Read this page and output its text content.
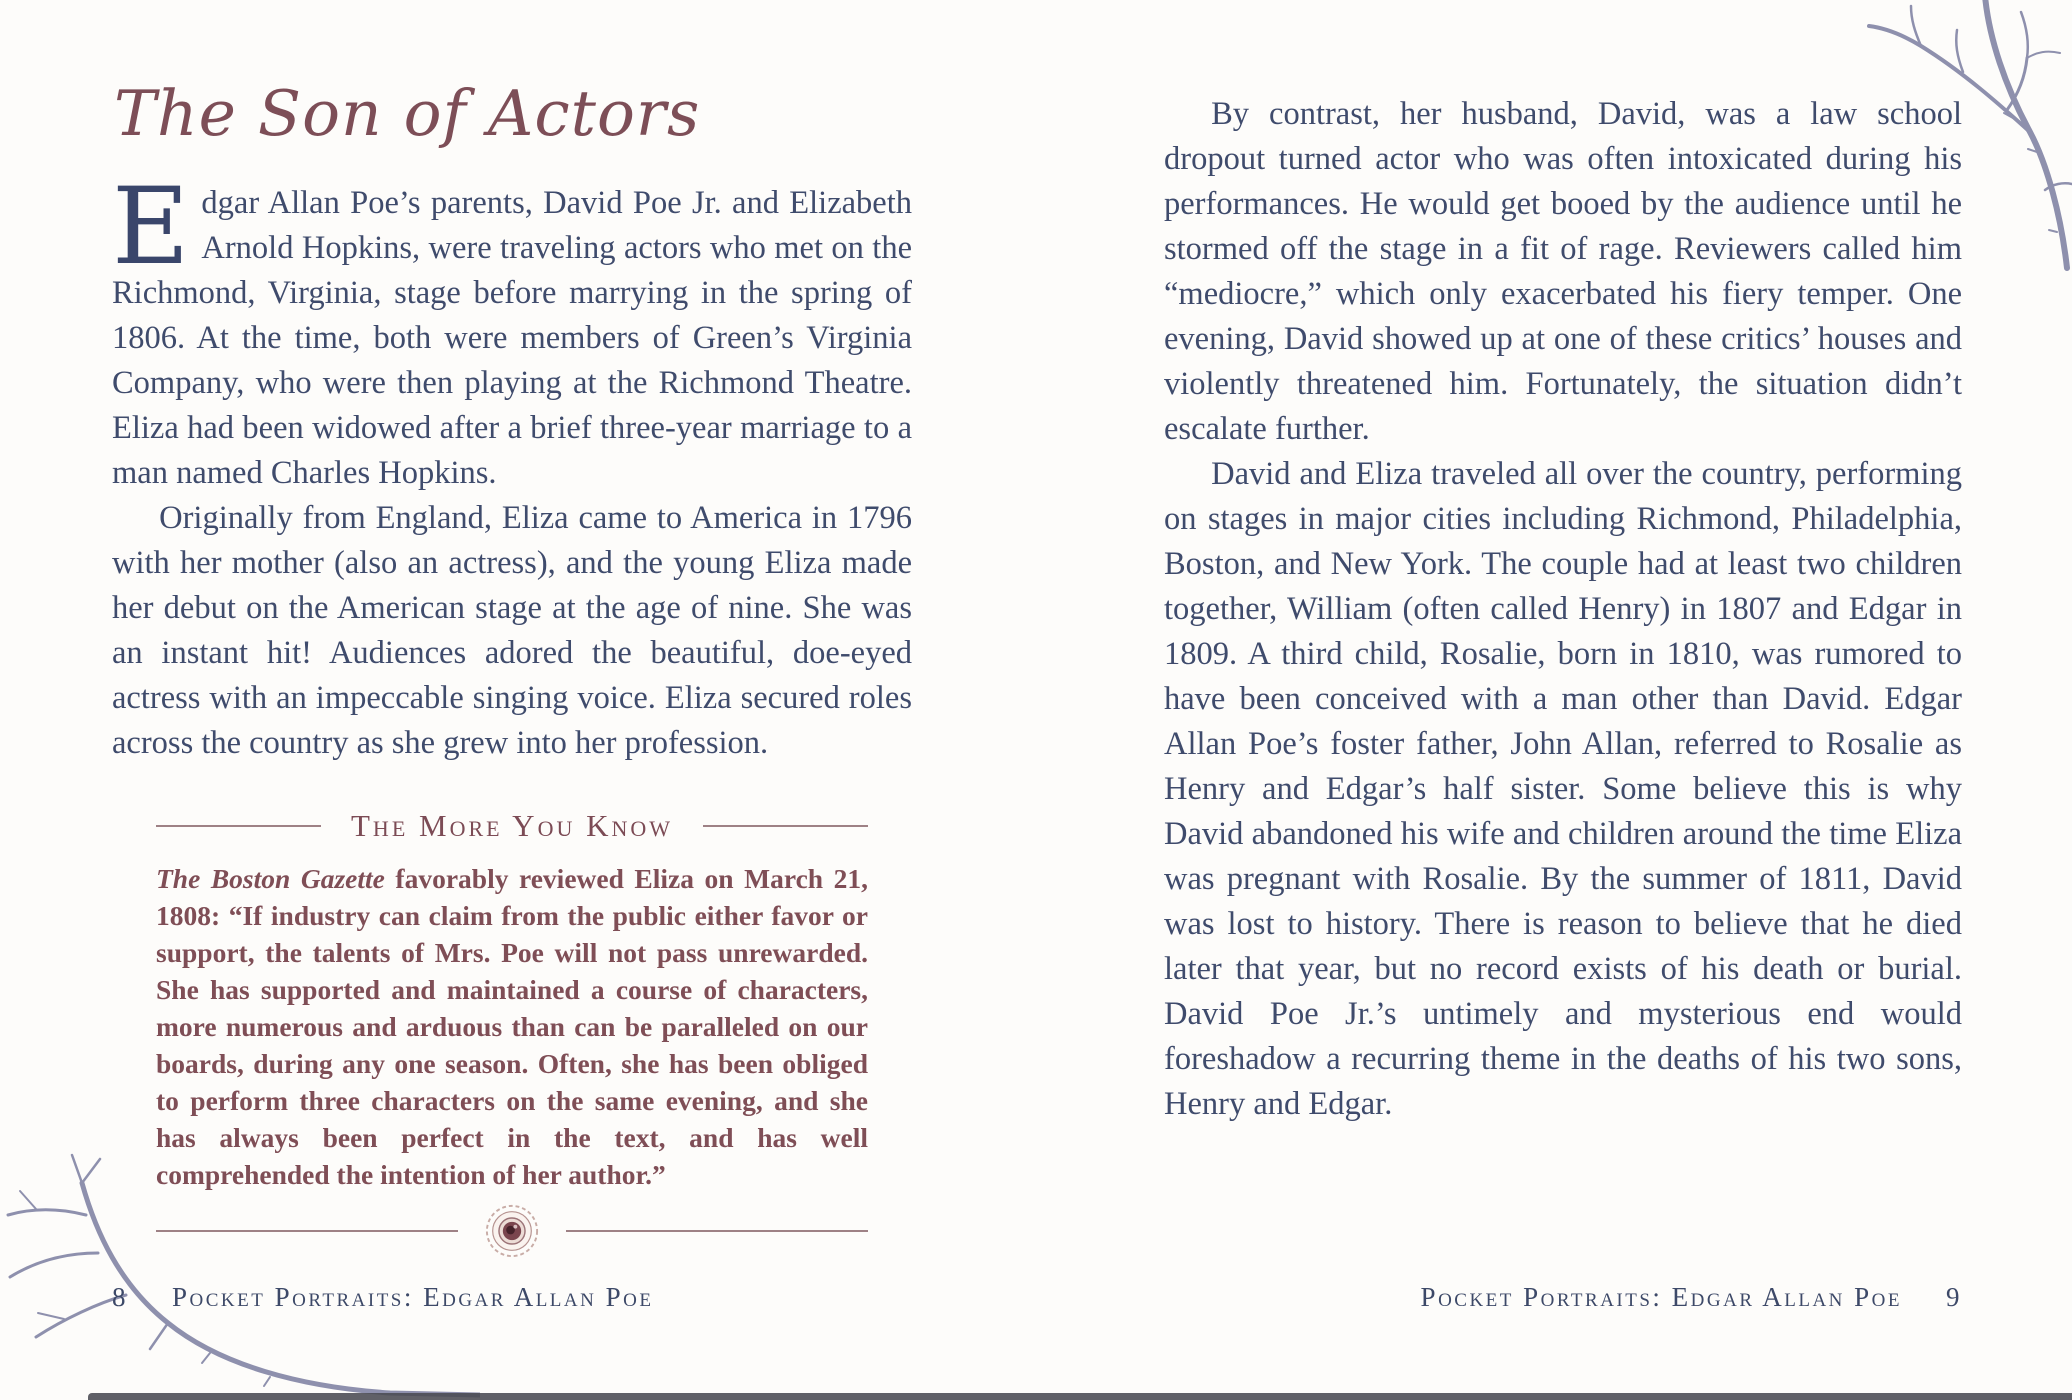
The Son of Actors

Edgar Allan Poe’s parents, David Poe Jr. and Elizabeth Arnold Hopkins, were traveling actors who met on the Richmond, Virginia, stage before marrying in the spring of 1806. At the time, both were members of Green’s Virginia Company, who were then playing at the Richmond Theatre. Eliza had been widowed after a brief three-year marriage to a man named Charles Hopkins.

Originally from England, Eliza came to America in 1796 with her mother (also an actress), and the young Eliza made her debut on the American stage at the age of nine. She was an instant hit! Audiences adored the beautiful, doe-eyed actress with an impeccable singing voice. Eliza secured roles across the country as she grew into her profession.

The More You Know

The Boston Gazette favorably reviewed Eliza on March 21, 1808: “If industry can claim from the public either favor or support, the talents of Mrs. Poe will not pass unrewarded. She has supported and maintained a course of characters, more numerous and arduous than can be paralleled on our boards, during any one season. Often, she has been obliged to perform three characters on the same evening, and she has always been perfect in the text, and has well comprehended the intention of her author.”

By contrast, her husband, David, was a law school dropout turned actor who was often intoxicated during his performances. He would get booed by the audience until he stormed off the stage in a fit of rage. Reviewers called him “mediocre,” which only exacerbated his fiery temper. One evening, David showed up at one of these critics’ houses and violently threatened him. Fortunately, the situation didn’t escalate further.

David and Eliza traveled all over the country, performing on stages in major cities including Richmond, Philadelphia, Boston, and New York. The couple had at least two children together, William (often called Henry) in 1807 and Edgar in 1809. A third child, Rosalie, born in 1810, was rumored to have been conceived with a man other than David. Edgar Allan Poe’s foster father, John Allan, referred to Rosalie as Henry and Edgar’s half sister. Some believe this is why David abandoned his wife and children around the time Eliza was pregnant with Rosalie. By the summer of 1811, David was lost to history. There is reason to believe that he died later that year, but no record exists of his death or burial. David Poe Jr.’s untimely and mysterious end would foreshadow a recurring theme in the deaths of his two sons, Henry and Edgar.

8 Pocket Portraits: Edgar Allan Poe	Pocket Portraits: Edgar Allan Poe 9
